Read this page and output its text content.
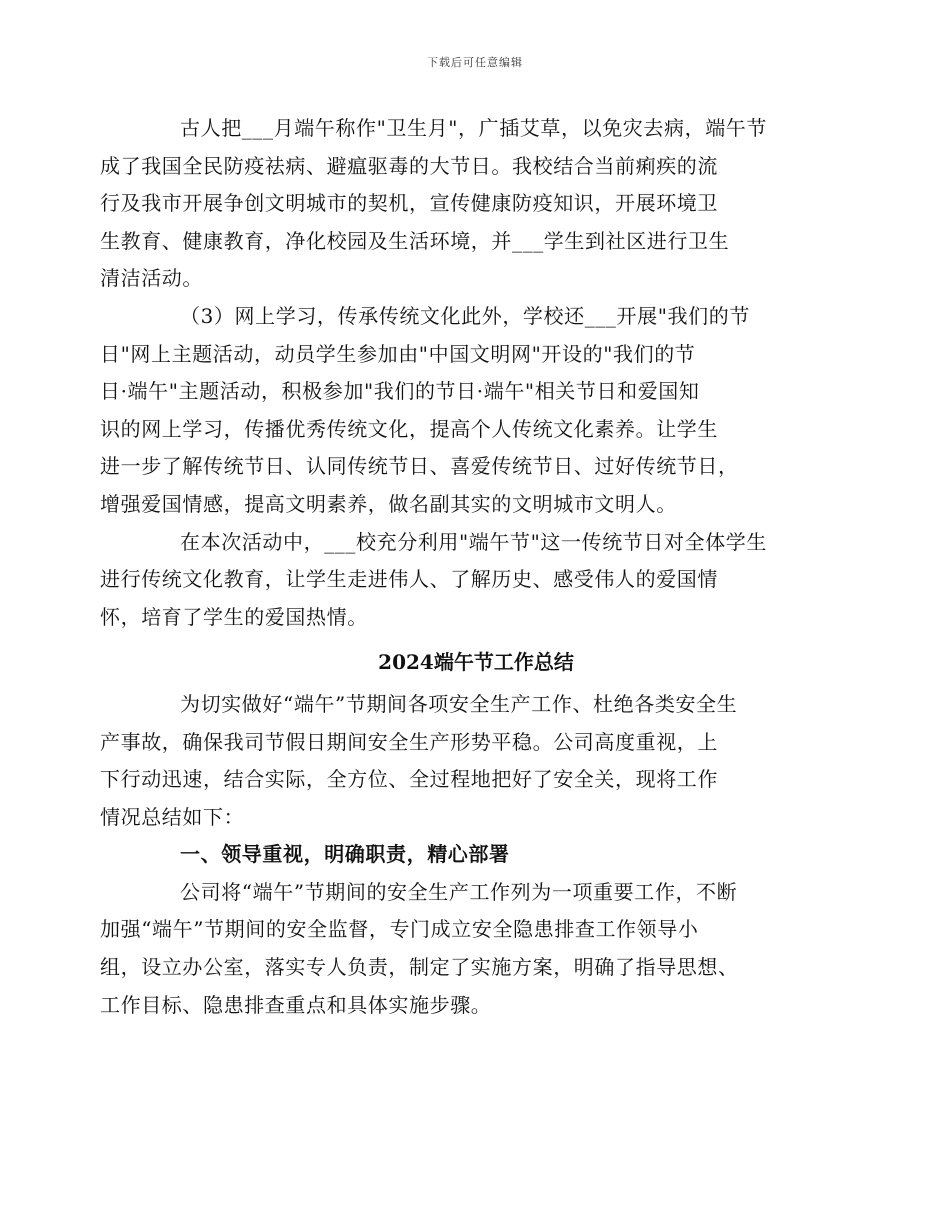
下载后可任意编辑
古人把___月端午称作"卫生月"，广插艾草，以免灾去病，端午节
成了我国全民防疫祛病、避瘟驱毒的大节日。我校结合当前痢疾的流
行及我市开展争创文明城市的契机，宣传健康防疫知识，开展环境卫
生教育、健康教育，净化校园及生活环境，并___学生到社区进行卫生
清洁活动。
（3）网上学习，传承传统文化此外，学校还___开展"我们的节
日"网上主题活动，动员学生参加由"中国文明网"开设的"我们的节
日·端午"主题活动，积极参加"我们的节日·端午"相关节日和爱国知
识的网上学习，传播优秀传统文化，提高个人传统文化素养。让学生
进一步了解传统节日、认同传统节日、喜爱传统节日、过好传统节日，
增强爱国情感，提高文明素养，做名副其实的文明城市文明人。
在本次活动中，___校充分利用"端午节"这一传统节日对全体学生
进行传统文化教育，让学生走进伟人、了解历史、感受伟人的爱国情
怀，培育了学生的爱国热情。
2024端午节工作总结
为切实做好“端午”节期间各项安全生产工作、杜绝各类安全生
产事故，确保我司节假日期间安全生产形势平稳。公司高度重视，上
下行动迅速，结合实际，全方位、全过程地把好了安全关，现将工作
情况总结如下：
一、领导重视，明确职责，精心部署
公司将“端午”节期间的安全生产工作列为一项重要工作，不断
加强“端午”节期间的安全监督，专门成立安全隐患排查工作领导小
组，设立办公室，落实专人负责，制定了实施方案，明确了指导思想、
工作目标、隐患排查重点和具体实施步骤。
